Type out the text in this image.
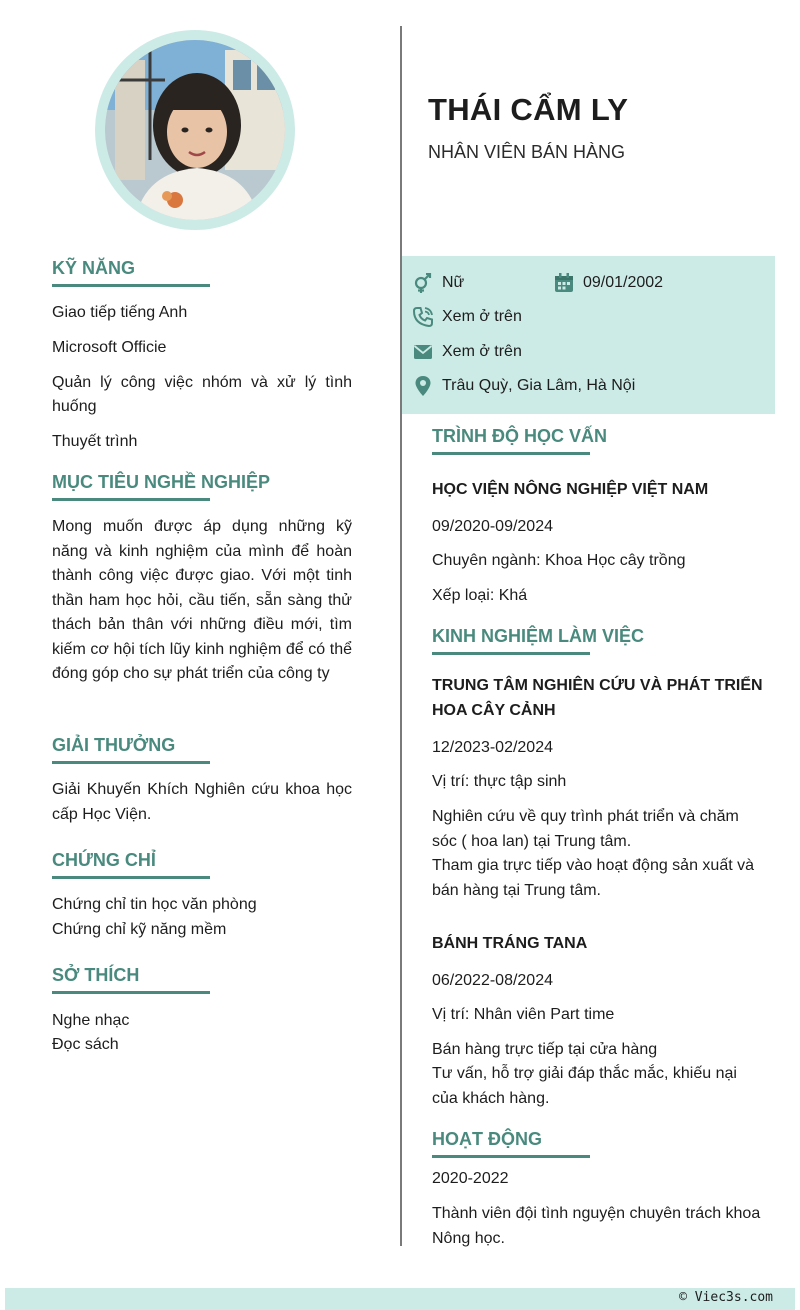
THÁI CẨM LY
NHÂN VIÊN BÁN HÀNG
Nữ	09/01/2002
Xem ở trên
Xem ở trên
Trâu Quỳ, Gia Lâm, Hà Nội
KỸ NĂNG
Giao tiếp tiếng Anh
Microsoft Officie
Quản lý công việc nhóm và xử lý tình huống
Thuyết trình
MỤC TIÊU NGHỀ NGHIỆP
Mong muốn được áp dụng những kỹ năng và kinh nghiệm của mình để hoàn thành công việc được giao. Với một tinh thần ham học hỏi, cầu tiến, sẵn sàng thử thách bản thân với những điều mới, tìm kiếm cơ hội tích lũy kinh nghiệm để có thể đóng góp cho sự phát triển của công ty
GIẢI THƯỞNG
Giải Khuyến Khích Nghiên cứu khoa học cấp Học Viện.
CHỨNG CHỈ
Chứng chỉ tin học văn phòng
Chứng chỉ kỹ năng mềm
SỞ THÍCH
Nghe nhạc
Đọc sách
TRÌNH ĐỘ HỌC VẤN
HỌC VIỆN NÔNG NGHIỆP VIỆT NAM
09/2020-09/2024
Chuyên ngành: Khoa Học cây trồng
Xếp loại: Khá
KINH NGHIỆM LÀM VIỆC
TRUNG TÂM NGHIÊN CỨU VÀ PHÁT TRIỂN HOA CÂY CẢNH
12/2023-02/2024
Vị trí: thực tập sinh
Nghiên cứu về quy trình phát triển và chăm sóc ( hoa lan) tại Trung tâm.
Tham gia trực tiếp vào hoạt động sản xuất và bán hàng tại Trung tâm.
BÁNH TRÁNG TANA
06/2022-08/2024
Vị trí: Nhân viên Part time
Bán hàng trực tiếp tại cửa hàng
Tư vấn, hỗ trợ giải đáp thắc mắc, khiếu nại của khách hàng.
HOẠT ĐỘNG
2020-2022
Thành viên đội tình nguyện chuyên trách khoa Nông học.
© Viec3s.com
